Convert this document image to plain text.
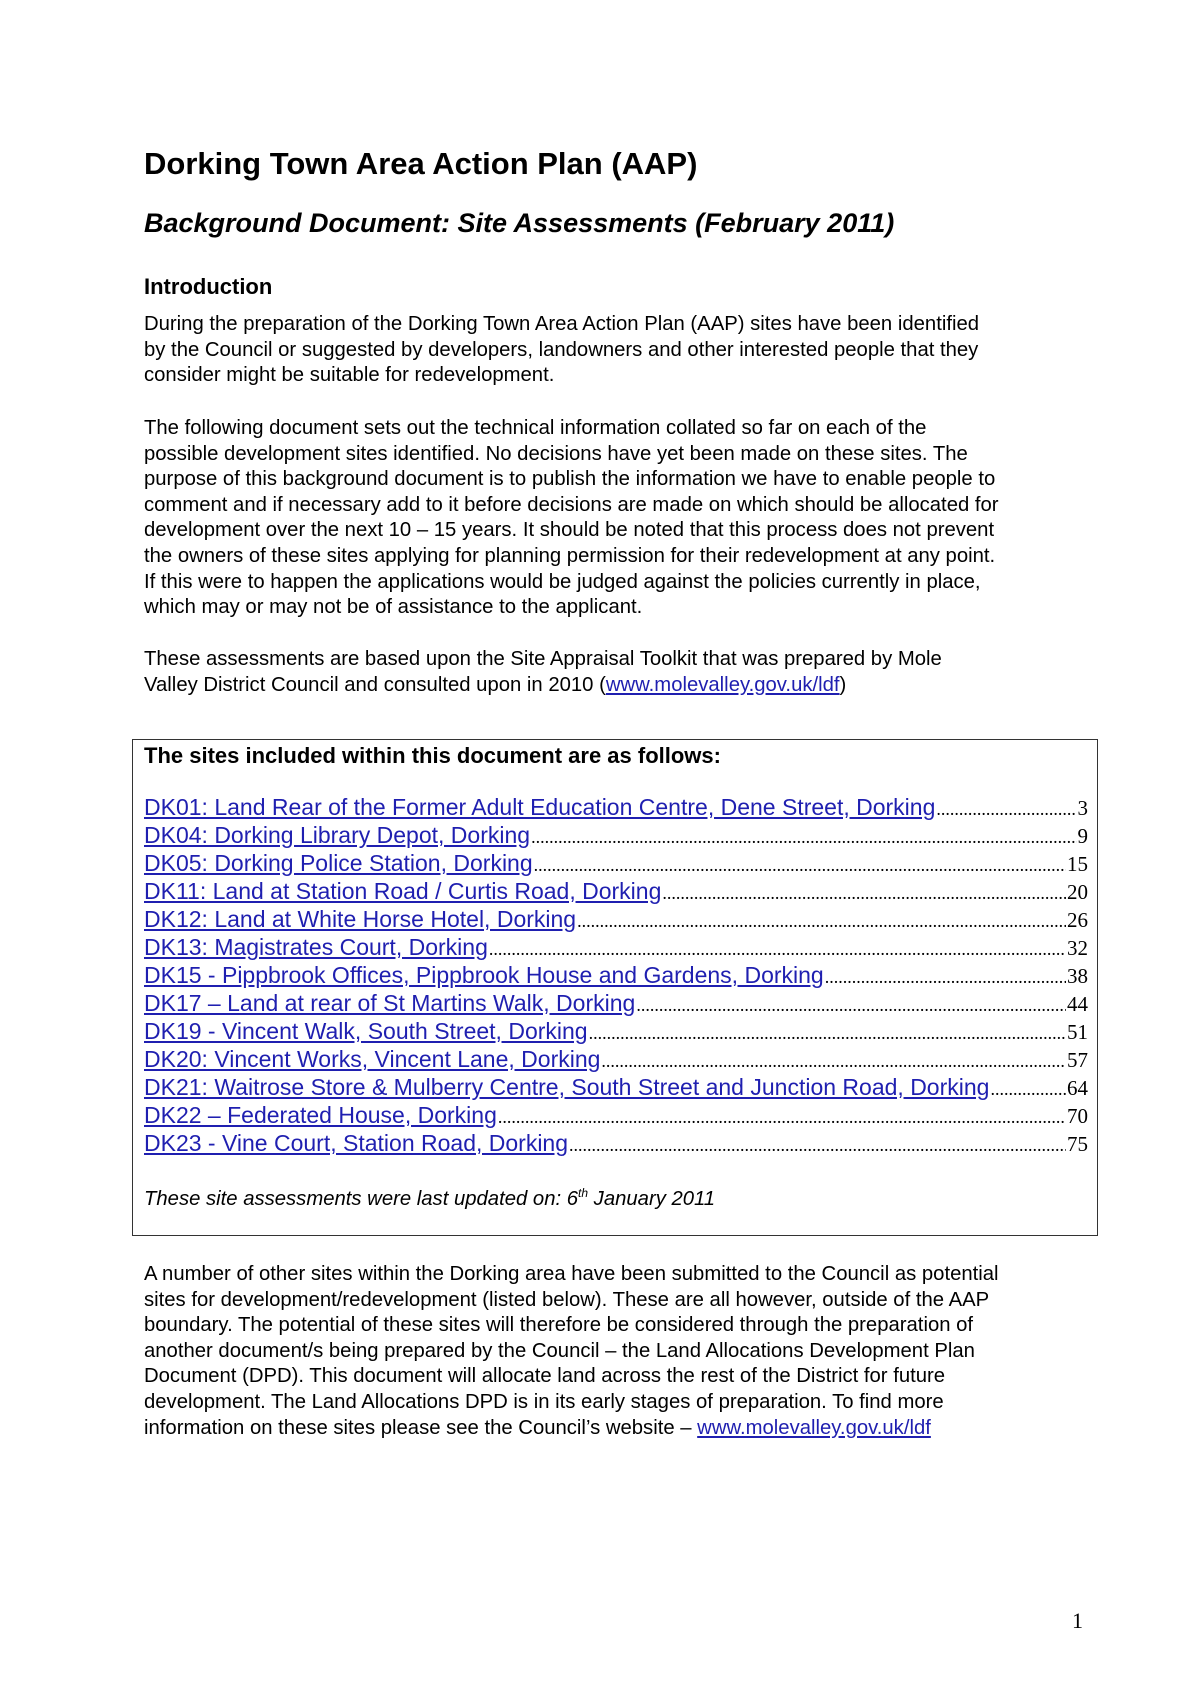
Dorking Town Area Action Plan (AAP)
Background Document: Site Assessments (February 2011)
Introduction

During the preparation of the Dorking Town Area Action Plan (AAP) sites have been identified
by the Council or suggested by developers, landowners and other interested people that they
consider might be suitable for redevelopment.

The following document sets out the technical information collated so far on each of the
possible development sites identified. No decisions have yet been made on these sites. The
purpose of this background document is to publish the information we have to enable people to
comment and if necessary add to it before decisions are made on which should be allocated for
development over the next 10 – 15 years. It should be noted that this process does not prevent
the owners of these sites applying for planning permission for their redevelopment at any point.
If this were to happen the applications would be judged against the policies currently in place,
which may or may not be of assistance to the applicant.

These assessments are based upon the Site Appraisal Toolkit that was prepared by Mole
Valley District Council and consulted upon in 2010 (www.molevalley.gov.uk/ldf)

The sites included within this document are as follows:
DK01: Land Rear of the Former Adult Education Centre, Dene Street, Dorking .....	3
DK04: Dorking Library Depot, Dorking .....	9
DK05: Dorking Police Station, Dorking .....	15
DK11: Land at Station Road / Curtis Road, Dorking .....	20
DK12: Land at White Horse Hotel, Dorking .....	26
DK13: Magistrates Court, Dorking .....	32
DK15 - Pippbrook Offices, Pippbrook House and Gardens, Dorking .....	38
DK17 – Land at rear of St Martins Walk, Dorking .....	44
DK19 - Vincent Walk, South Street, Dorking .....	51
DK20: Vincent Works, Vincent Lane, Dorking .....	57
DK21: Waitrose Store & Mulberry Centre, South Street and Junction Road, Dorking .....	64
DK22 – Federated House, Dorking .....	70
DK23 - Vine Court, Station Road, Dorking .....	75
These site assessments were last updated on: 6th January 2011

A number of other sites within the Dorking area have been submitted to the Council as potential
sites for development/redevelopment (listed below). These are all however, outside of the AAP
boundary. The potential of these sites will therefore be considered through the preparation of
another document/s being prepared by the Council – the Land Allocations Development Plan
Document (DPD). This document will allocate land across the rest of the District for future
development. The Land Allocations DPD is in its early stages of preparation. To find more
information on these sites please see the Council’s website – www.molevalley.gov.uk/ldf

1
